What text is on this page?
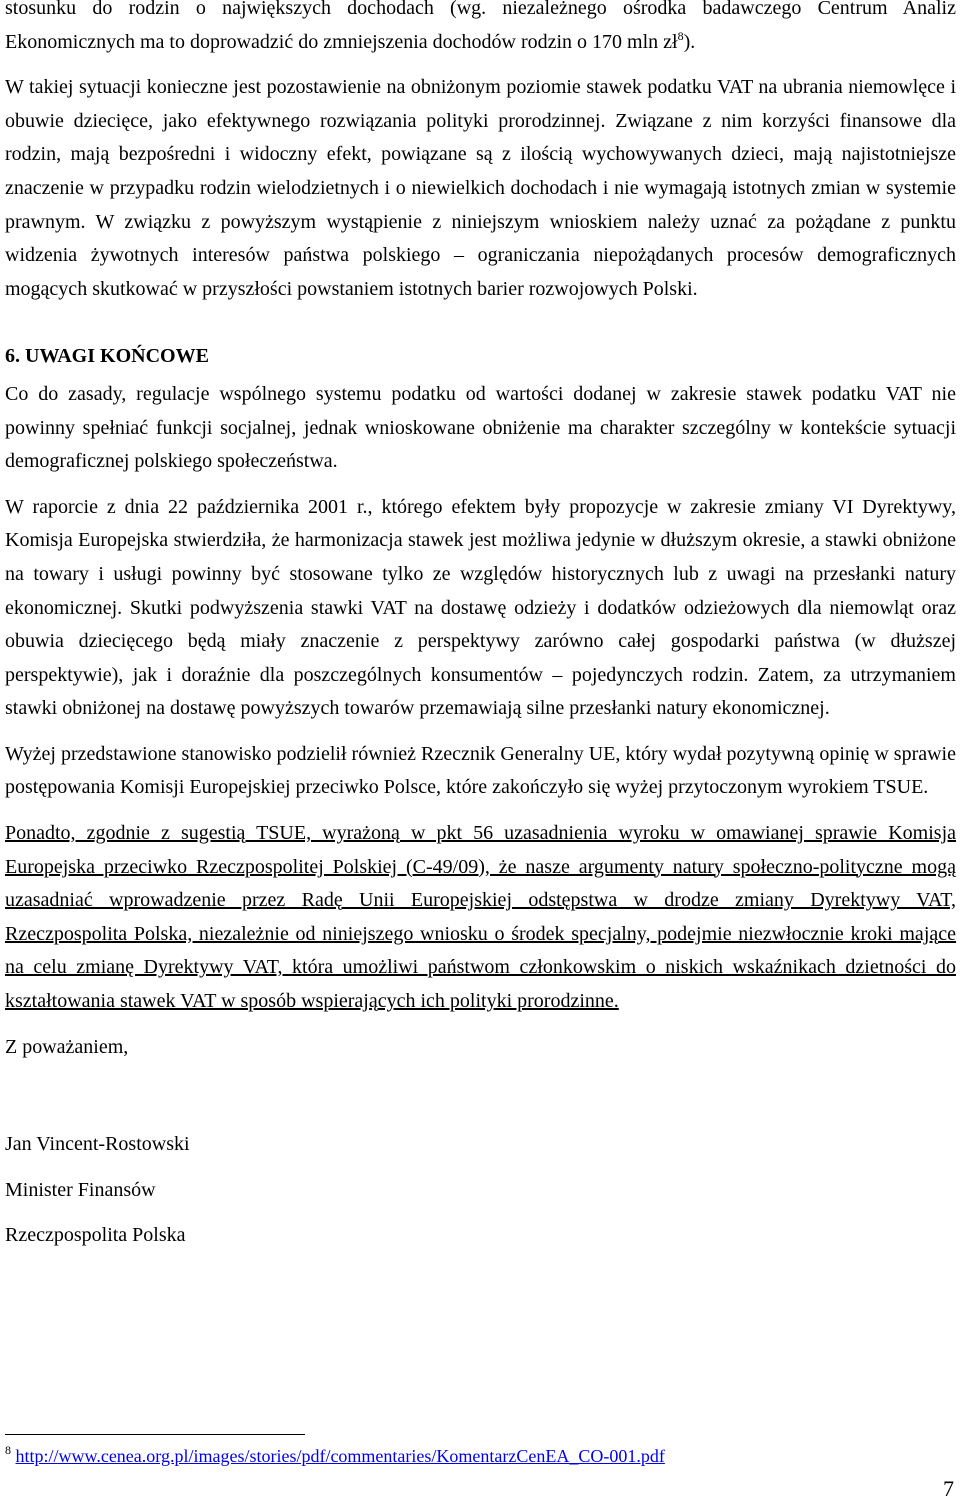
stosunku do rodzin o największych dochodach (wg. niezależnego ośrodka badawczego Centrum Analiz Ekonomicznych ma to doprowadzić do zmniejszenia dochodów rodzin o 170 mln $zł^8$).

W takiej sytuacji konieczne jest pozostawienie na obniżonym poziomie stawek podatku VAT na ubrania niemowlęce i obuwie dziecięce, jako efektywnego rozwiązania polityki prorodzinnej. Związane z nim korzyści finansowe dla rodzin, mają bezpośredni i widoczny efekt, powiązane są z ilością wychowywanych dzieci, mają najistotniejsze znaczenie w przypadku rodzin wielodzietnych i o niewielkich dochodach i nie wymagają istotnych zmian w systemie prawnym. W związku z powyższym wystąpienie z niniejszym wnioskiem należy uznać za pożądane z punktu widzenia żywotnych interesów państwa polskiego – ograniczania niepożądanych procesów demograficznych mogących skutkować w przyszłości powstaniem istotnych barier rozwojowych Polski.

6. UWAGI KOŃCOWE

Co do zasady, regulacje wspólnego systemu podatku od wartości dodanej w zakresie stawek podatku VAT nie powinny spełniać funkcji socjalnej, jednak wnioskowane obniżenie ma charakter szczególny w kontekście sytuacji demograficznej polskiego społeczeństwa.

W raporcie z dnia 22 października 2001 r., którego efektem były propozycje w zakresie zmiany VI Dyrektywy, Komisja Europejska stwierdziła, że harmonizacja stawek jest możliwa jedynie w dłuższym okresie, a stawki obniżone na towary i usługi powinny być stosowane tylko ze względów historycznych lub z uwagi na przesłanki natury ekonomicznej. Skutki podwyższenia stawki VAT na dostawę odzieży i dodatków odzieżowych dla niemowląt oraz obuwia dziecięcego będą miały znaczenie z perspektywy zarówno całej gospodarki państwa (w dłuższej perspektywie), jak i doraźnie dla poszczególnych konsumentów – pojedynczych rodzin. Zatem, za utrzymaniem stawki obniżonej na dostawę powyższych towarów przemawiają silne przesłanki natury ekonomicznej.

Wyżej przedstawione stanowisko podzielił również Rzecznik Generalny UE, który wydał pozytywną opinię w sprawie postępowania Komisji Europejskiej przeciwko Polsce, które zakończyło się wyżej przytoczonym wyrokiem TSUE.

Ponadto, zgodnie z sugestią TSUE, wyrażoną w pkt 56 uzasadnienia wyroku w omawianej sprawie Komisja Europejska przeciwko Rzeczpospolitej Polskiej (C-49/09), że nasze argumenty natury społeczno-polityczne mogą uzasadniać wprowadzenie przez Radę Unii Europejskiej odstępstwa w drodze zmiany Dyrektywy VAT, Rzeczpospolita Polska, niezależnie od niniejszego wniosku o środek specjalny, podejmie niezwłocznie kroki mające na celu zmianę Dyrektywy VAT, która umożliwi państwom członkowskim o niskich wskaźnikach dzietności do kształtowania stawek VAT w sposób wspierających ich polityki prorodzinne.

Z poważaniem,

Jan Vincent-Rostowski

Minister Finansów

Rzeczpospolita Polska

$^8$ http://www.cenea.org.pl/images/stories/pdf/commentaries/KomentarzCenEA_CO-001.pdf
7
